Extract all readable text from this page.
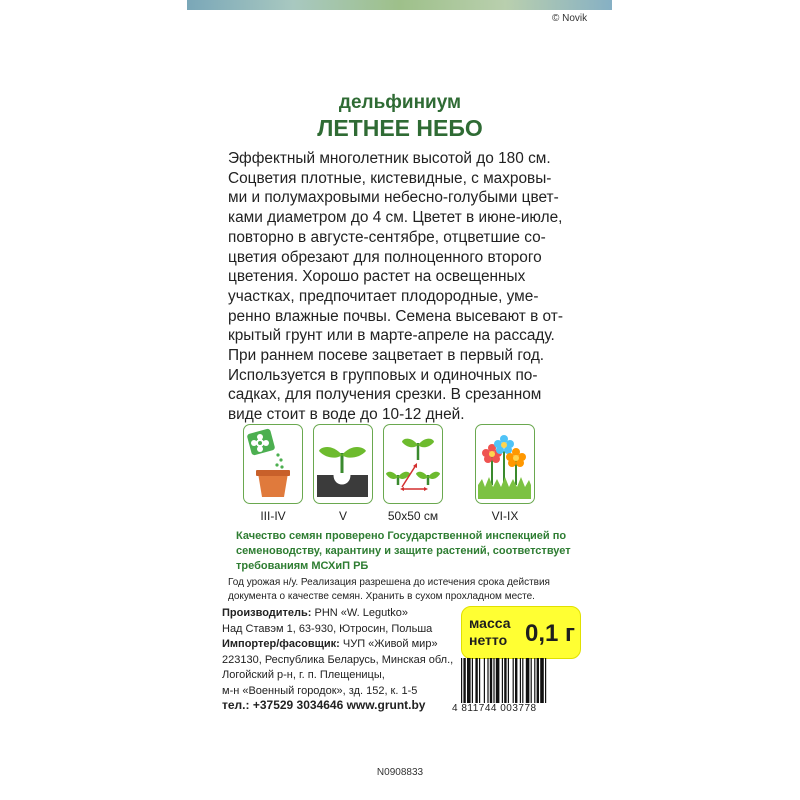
© Novik
дельфиниум
ЛЕТНЕЕ НЕБО
Эффектный многолетник высотой до 180 см.
Соцветия плотные, кистевидные, с махровы-
ми и полумахровыми небесно-голубыми цвет-
ками диаметром до 4 см. Цветет в июне-июле,
повторно в августе-сентябре, отцветшие со-
цветия обрезают для полноценного второго
цветения. Хорошо растет на освещенных
участках, предпочитает плодородные, уме-
ренно влажные почвы. Семена высевают в от-
крытый грунт или в марте-апреле на рассаду.
При раннем посеве зацветает в первый год.
Используется в групповых и одиночных по-
садках, для получения срезки. В срезанном
виде стоит в воде до 10-12 дней.
III-IV	V	50x50 см	VI-IX
Качество семян проверено Государственной инспекцией по
семеноводству, карантину и защите растений, соответствует
требованиям МСХиП РБ
Год урожая н/у. Реализация разрешена до истечения срока действия
документа о качестве семян. Хранить в сухом прохладном месте.
Производитель: PHN «W. Legutko»
Над Ставэм 1, 63-930, Ютросин, Польша
Импортер/фасовщик: ЧУП «Живой мир»
223130, Республика Беларусь, Минская обл.,
Логойский р-н, г. п. Плещеницы,
м-н «Военный городок», зд. 152, к. 1-5
масса
нетто 0,1 г
тел.: +37529 3034646 www.grunt.by	4 811744 003778
N0908833
